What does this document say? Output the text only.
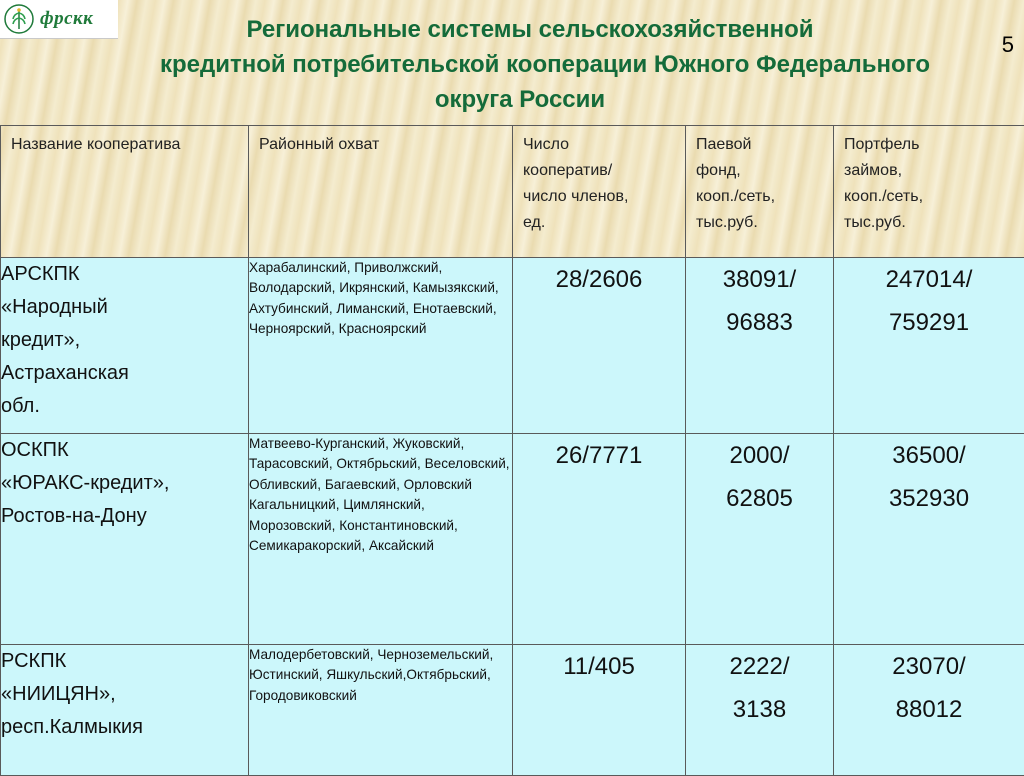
фрскк	Региональные системы сельскохозяйственной
кредитной потребительской кооперации Южного Федерального
округа России
5
Название кооператива	Районный охват	Число
кооператив/
число членов,
ед.	Паевой
фонд,
кооп./сеть,
тыс.руб.	Портфель
займов,
кооп./сеть,
тыс.руб.

АРСКПК
«Народный
кредит»,
Астраханская
обл.	Харабалинский, Приволжский, Володарский, Икрянский, Камызякский, Ахтубинский, Лиманский, Енотаевский, Черноярский, Красноярский	28/2606	38091/
96883	247014/
759291

ОСКПК
«ЮРАКС-кредит»,
Ростов-на-Дону	Матвеево-Курганский, Жуковский, Тарасовский, Октябрьский, Веселовский, Обливский, Багаевский, Орловский Кагальницкий, Цимлянский, Морозовский, Константиновский, Семикаракорский, Аксайский	26/7771	2000/
62805	36500/
352930

РСКПК
«НИИЦЯН»,
респ.Калмыкия	Малодербетовский, Черноземельский, Юстинский, Яшкульский,Октябрьский, Городовиковский	11/405	2222/
3138	23070/
88012
